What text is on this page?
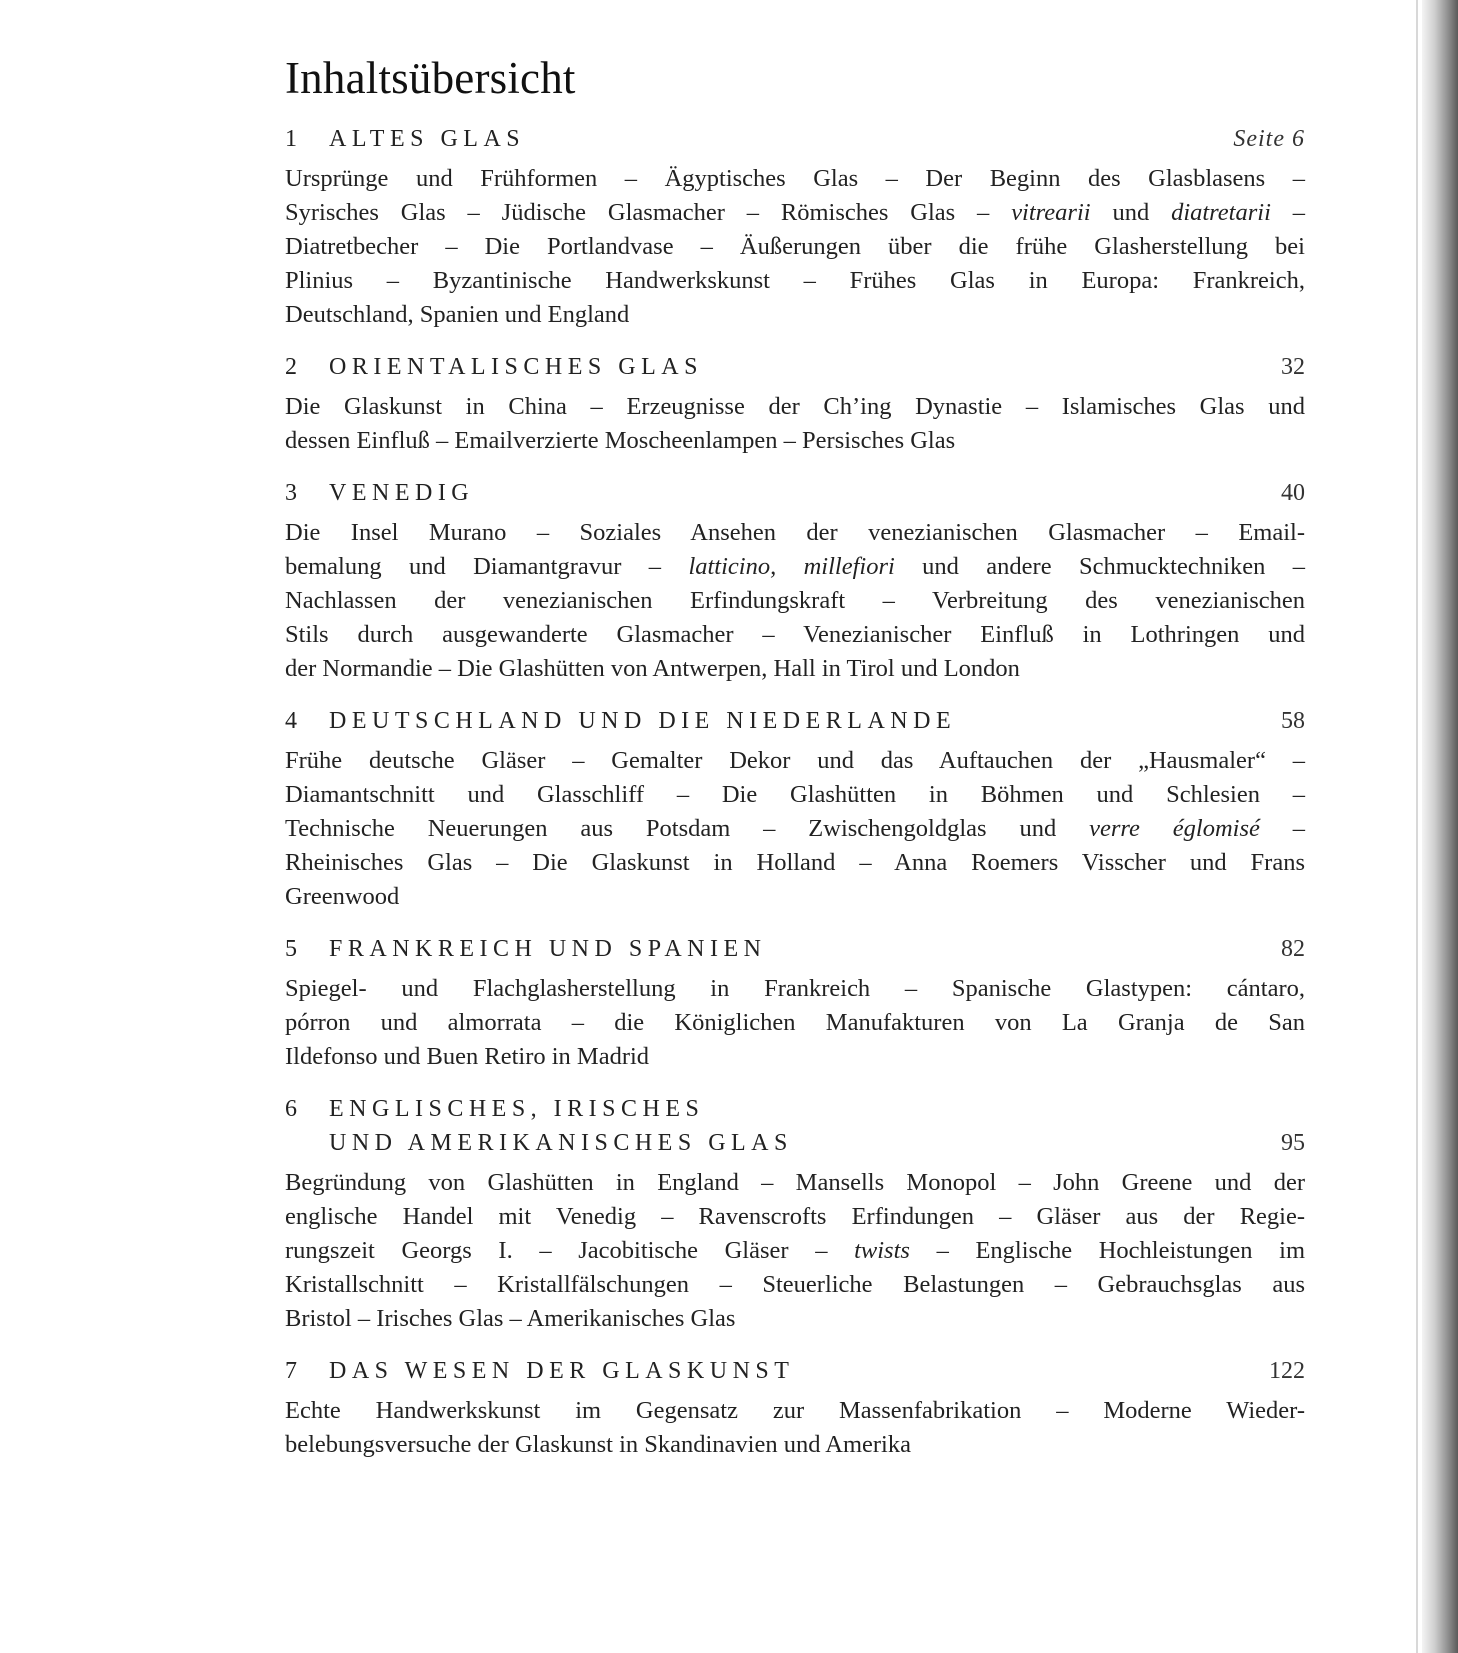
Inhaltsübersicht
1	ALTES GLAS	Seite 6
Ursprünge und Frühformen – Ägyptisches Glas – Der Beginn des Glasblasens –
Syrisches Glas – Jüdische Glasmacher – Römisches Glas – vitrearii und diatretarii –
Diatretbecher – Die Portlandvase – Äußerungen über die frühe Glasherstellung bei
Plinius – Byzantinische Handwerkskunst – Frühes Glas in Europa: Frankreich,
Deutschland, Spanien und England
2	ORIENTALISCHES GLAS	32
Die Glaskunst in China – Erzeugnisse der Ch’ing Dynastie – Islamisches Glas und
dessen Einfluß – Emailverzierte Moscheenlampen – Persisches Glas
3	VENEDIG	40
Die Insel Murano – Soziales Ansehen der venezianischen Glasmacher – Email-
bemalung und Diamantgravur – latticino, millefiori und andere Schmucktechniken –
Nachlassen der venezianischen Erfindungskraft – Verbreitung des venezianischen
Stils durch ausgewanderte Glasmacher – Venezianischer Einfluß in Lothringen und
der Normandie – Die Glashütten von Antwerpen, Hall in Tirol und London
4	DEUTSCHLAND UND DIE NIEDERLANDE	58
Frühe deutsche Gläser – Gemalter Dekor und das Auftauchen der „Hausmaler“ –
Diamantschnitt und Glasschliff – Die Glashütten in Böhmen und Schlesien –
Technische Neuerungen aus Potsdam – Zwischengoldglas und verre églomisé –
Rheinisches Glas – Die Glaskunst in Holland – Anna Roemers Visscher und Frans
Greenwood
5	FRANKREICH UND SPANIEN	82
Spiegel- und Flachglasherstellung in Frankreich – Spanische Glastypen: cántaro,
pórron und almorrata – die Königlichen Manufakturen von La Granja de San
Ildefonso und Buen Retiro in Madrid
6	ENGLISCHES, IRISCHES
UND AMERIKANISCHES GLAS	95
Begründung von Glashütten in England – Mansells Monopol – John Greene und der
englische Handel mit Venedig – Ravenscrofts Erfindungen – Gläser aus der Regie-
rungszeit Georgs I. – Jacobitische Gläser – twists – Englische Hochleistungen im
Kristallschnitt – Kristallfälschungen – Steuerliche Belastungen – Gebrauchsglas aus
Bristol – Irisches Glas – Amerikanisches Glas
7	DAS WESEN DER GLASKUNST	122
Echte Handwerkskunst im Gegensatz zur Massenfabrikation – Moderne Wieder-
belebungsversuche der Glaskunst in Skandinavien und Amerika
